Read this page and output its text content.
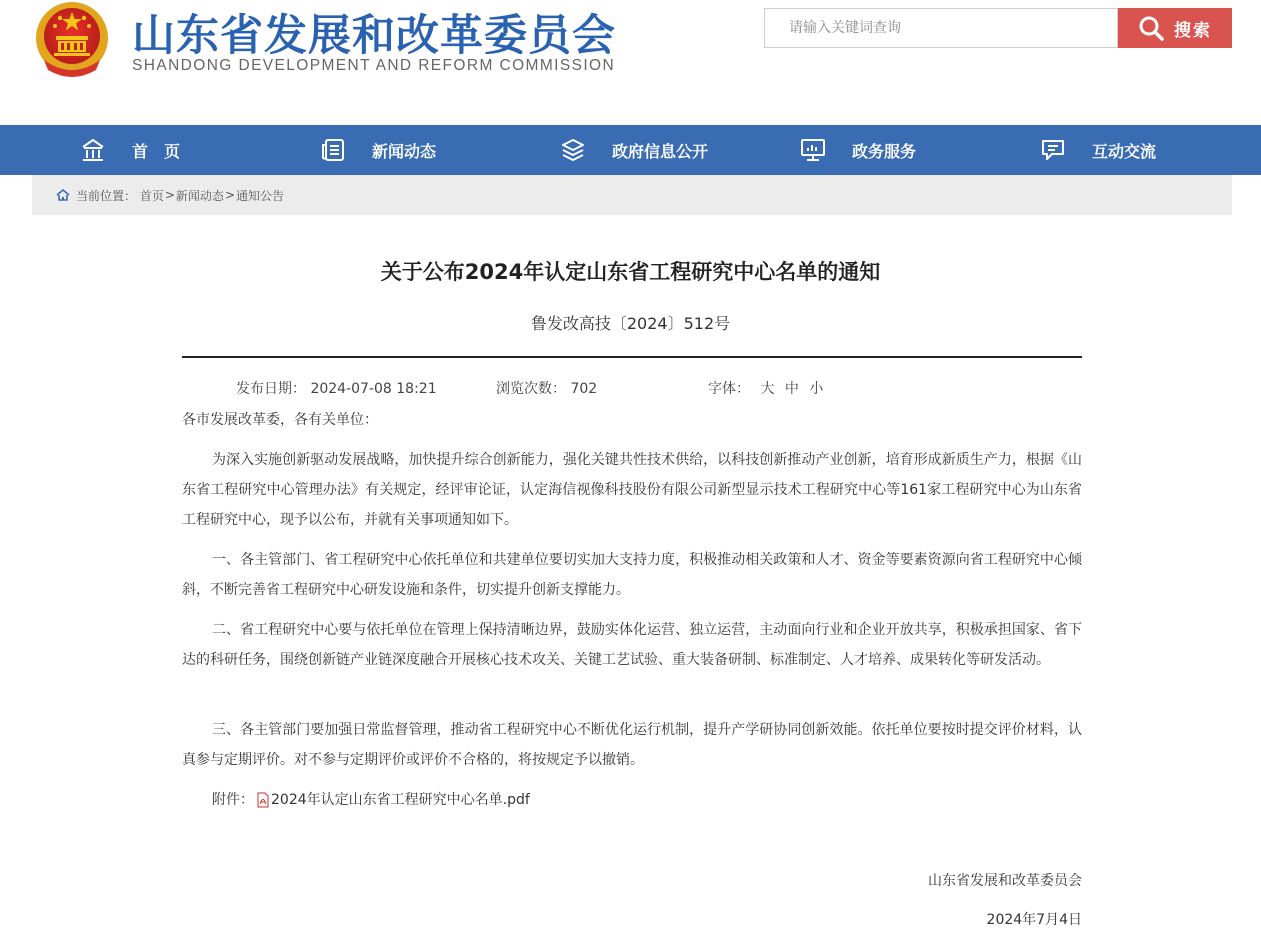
山东省发展和改革委员会
SHANDONG DEVELOPMENT AND REFORM COMMISSION
请输入关键词查询
搜索
首　页	新闻动态	政府信息公开	政务服务	互动交流
当前位置：
首页 > 新闻动态 > 通知公告
关于公布2024年认定山东省工程研究中心名单的通知
鲁发改高技〔2024〕512号
发布日期： 2024-07-08 18:21	浏览次数： 702	字体： 大 中 小
各市发展改革委，各有关单位：

为深入实施创新驱动发展战略，加快提升综合创新能力，强化关键共性技术供给，以科技创新推动产业创新，培育形成新质生产力，根据《山东省工程研究中心管理办法》有关规定，经评审论证，认定海信视像科技股份有限公司新型显示技术工程研究中心等161家工程研究中心为山东省工程研究中心，现予以公布，并就有关事项通知如下。

一、各主管部门、省工程研究中心依托单位和共建单位要切实加大支持力度，积极推动相关政策和人才、资金等要素资源向省工程研究中心倾斜，不断完善省工程研究中心研发设施和条件，切实提升创新支撑能力。

二、省工程研究中心要与依托单位在管理上保持清晰边界，鼓励实体化运营、独立运营，主动面向行业和企业开放共享，积极承担国家、省下达的科研任务，围绕创新链产业链深度融合开展核心技术攻关、关键工艺试验、重大装备研制、标准制定、人才培养、成果转化等研发活动。

三、各主管部门要加强日常监督管理，推动省工程研究中心不断优化运行机制，提升产学研协同创新效能。依托单位要按时提交评价材料，认真参与定期评价。对不参与定期评价或评价不合格的，将按规定予以撤销。

附件： 2024年认定山东省工程研究中心名单.pdf
山东省发展和改革委员会
2024年7月4日
